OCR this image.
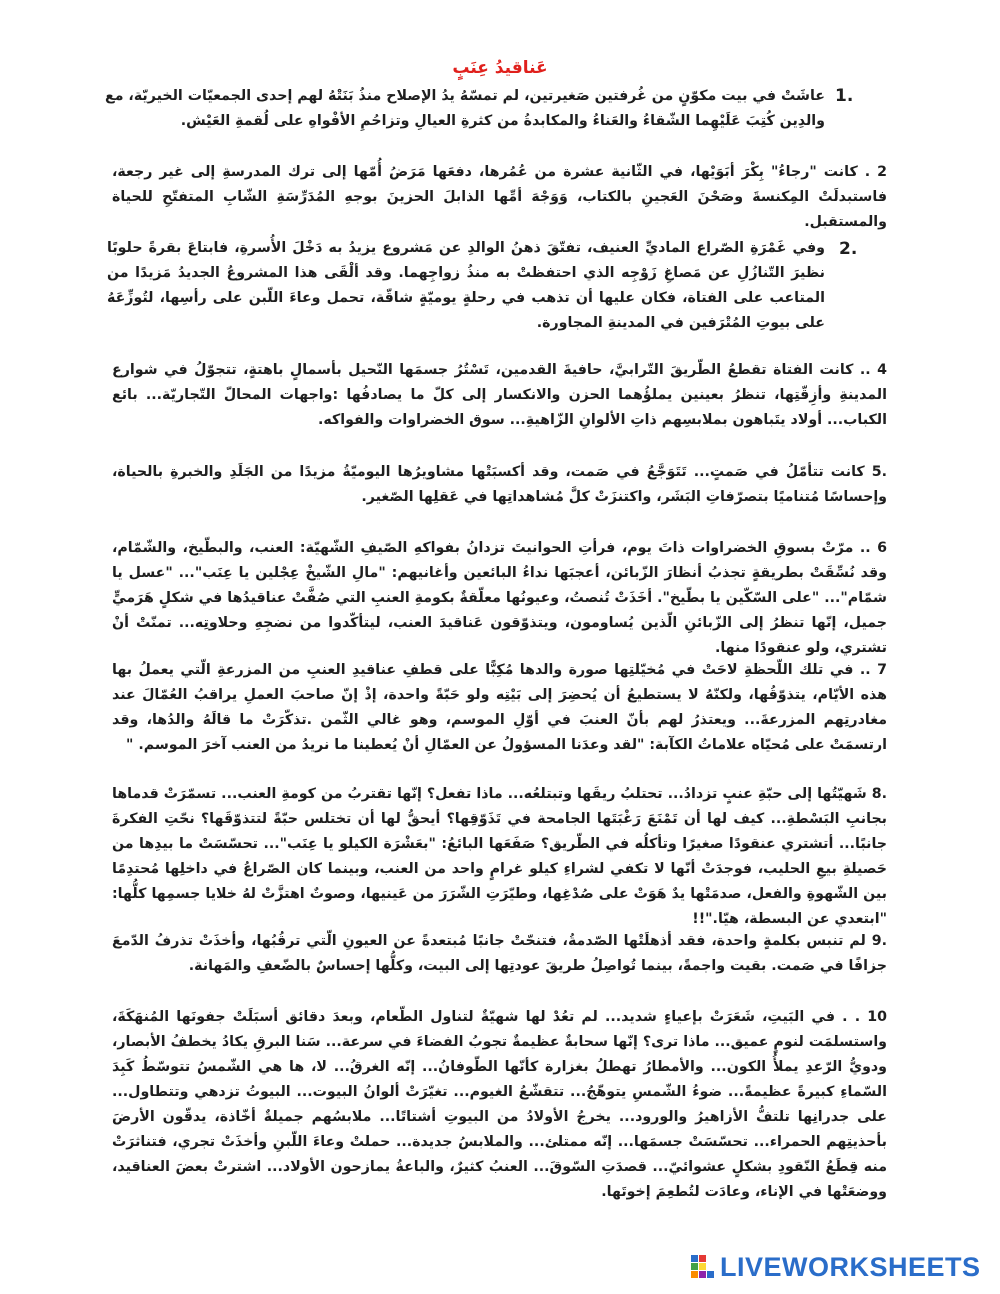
عَناقيدُ عِنَبٍ
1.
عاشَتْ في بيت مكوّنٍ من غُرفتين صَغيرتين، لم تمسّهُ يدُ الإصلاح منذُ بَنَتْهُ لهم إحدى الجمعيّات الخيريّة، مع والدِين كُتِبَ عَلَيْهِما الشّقاءُ والعَناءُ والمكابدةُ من كثرةِ العيالِ وتزاحُمِ الأفْواهِ على لُقمةِ العَيْش.
2 . كانت "رجاءُ" بِكْرَ أبَوَيْها، في الثّانية عشرة من عُمُرها، دفعَها مَرَضُ أُمّها إلى ترك المدرسةِ إلى غير رجعة، فاستبدلَتْ المِكنسةَ وصَحْنَ العَجينِ بالكتاب، وَوَجْهَ أمِّها الذابلَ الحزينَ بوجهِ المُدَرِّسَةِ الشّابِ المتفتّحِ للحياة والمستقبل.
2.
وفي غَمْرَةِ الصّراع الماديِّ العنيف، تفتّقَ ذهنُ الوالدِ عن مَشروع يزيدُ به دَخْلَ الأُسرةِ، فابتاعَ بقرةً حلوبًا نظيرَ التّنازُلِ عن مَصاغِ زَوْجِه الذي احتفظتْ به منذُ زواجِهما. وقد ألْقَى هذا المشروعُ الجديدُ مَزيدًا من المتاعب على الفتاة، فكان عليها أن تذهب في رحلةٍ يوميّةٍ شاقّة، تحمل وعاءَ اللّبن على رأسِها، لتُوزِّعَهُ على بيوتِ المُتْرَفين في المدينةِ المجاورة.
4 .. كانت الفتاة تقطعُ الطّريقَ التّرابيَّ، حافيةَ القدمين، تَسْتُرُ جسمَها النّحيل بأسمالٍ باهتةٍ، تتجوّلُ في شوارع المدينةِ وأزِقّتِها، تنظرُ بعينين يملؤُهما الحزن والانكسار إلى كلّ ما يصادفُها :واجهات المحالّ التّجاريّة... بائع الكباب... أولاد يتَباهون بملابسِهم ذاتِ الألوانِ الزّاهيةِ... سوق الخضراوات والفواكه.
.5 كانت تتأمّلُ في صَمتٍ... تَتَوَجَّعُ في صَمت، وقد أكسبَتْها مشاويرُها اليوميّةُ مزيدًا من الجَلَدِ والخبرةِ بالحياة، وإحساسًا مُتناميًا بتصرّفاتِ البَشَر، واكتنزَتْ كلَّ مُشاهداتِها في عَقلِها الصّغير.
6 .. مرّتْ بسوقِ الخضراوات ذاتَ يوم، فرأتِ الحوانيتَ تزدانُ بفواكهِ الصّيفِ الشّهيّة: العنب، والبطّيخ، والشّمّام، وقد نُسِّقَتْ بطريقةٍ تجذبُ أنظارَ الزّبائن، أعجبَها نداءُ البائعين وأغانيهم: "مالِ الشّيخْ عِجْلين يا عِنَب"... "عسل يا شمّام"... "على السّكّين يا بطّيخ". أخَذَتْ تُنصتُ، وعيونُها معلّقةٌ بكومةِ العنبِ التي صُفَّتْ عناقيدُها في شكلٍ هَرَميٍّ جميل، إنّها تنظرُ إلى الزّبائنِ الّذين يُساومون، ويتذوّقون عَناقيدَ العنب، ليتأكّدوا من نضجِهِ وحلاوتِه... تمنّتْ أنْ تشتري، ولو عنقودًا منها.
7 .. في تلك اللّحظةِ لاحَتْ في مُخيّلتِها صورة والدها مُكِبًّا على قطفِ عناقيدِ العنبِ من المزرعةِ الّتي يعملُ بها هذه الأيّام، يتذوّقُها، ولكنّهُ لا يستطيعُ أن يُحضِرَ إلى بَيْتِه ولو حَبّةً واحدة، إذْ إنّ صاحبَ العملِ يراقبُ العُمّالَ عند مغادرتِهم المزرعةَ... ويعتذرُ لهم بأنّ العنبَ في أوّلِ الموسم، وهو غالي الثّمن .تذكّرَتْ ما قالَهُ والدُها، وقد ارتسمَتْ على مُحيّاه علاماتُ الكآبة: "لقد وعدَنا المسؤولُ عن العمّالِ أنْ يُعطينا ما نريدُ من العنب آخرَ الموسم. "
.8 شَهيّتُها إلى حبّةِ عنبٍ تزدادُ... تحتلبُ ريقَها وتبتلعُه... ماذا تفعل؟ إنّها تقتربُ من كومةِ العنب... تسمّرَتْ قدماها بجانبِ البَسْطةِ... كيف لها أن تَمْنَعَ رَغْبَتَها الجامحة في تَذَوّقِها؟ أيحقُّ لها أن تختلس حبّةً لتتذوّقَها؟ نحّتِ الفكرةَ جانبًا... أتشتري عنقودًا صغيرًا وتأكلُه في الطّريق؟ صَفَعَها البائعُ: "بعَشْرَة الكيلو يا عِنَب"... تحسّسَتْ ما بيدِها من حَصيلةِ بيعِ الحليب، فوجدَتْ أنّها لا تكفي لشراءِ كيلو غرامٍ واحد من العنب، وبينما كان الصّراعُ في داخلِها مُحتدِمًا بين الشّهوةِ والفعل، صدمَتْها يدٌ هَوَتْ على صُدْغِها، وطيّرَتِ الشّرَرَ من عَينيها، وصوتٌ اهتزَّتْ لهُ خلايا جسمِها كلُّها: "ابتعدي عن البسطة، هيّا."!!
.9 لم تنبس بكلمةٍ واحدة، فقد أذهلَتْها الصّدمةُ، فتنحّتْ جانبًا مُبتعدةً عن العيونِ الّتي ترقُبُها، وأخذَتْ تذرفُ الدّمعَ جزافًا في صَمت. بقيت واجمةً، بينما تُواصِلُ طريقَ عودتِها إلى البيت، وكلُّها إحساسٌ بالضّعفِ والمَهانة.
10 . . في البَيتِ، شَعَرَتْ بإعياءٍ شديد... لم تعُدْ لها شهيّةٌ لتناول الطّعام، وبعدَ دقائق أسبَلَتْ جفونَها المُنهَكَةَ، واستسلمَت لنومٍ عميق... ماذا ترى؟ إنّها سحابةٌ عظيمةٌ تجوبُ الفضاءَ في سرعة... سَنا البرقِ يكادُ يخطفُ الأبصار، ودويُّ الرّعدِ يملأُ الكون... والأمطارُ تهطلُ بغزارة كأنّها الطّوفانُ... إنّه الغرقُ... لا، ها هي الشّمسُ تتوسّطُ كَبِدَ السّماءِ كبيرةً عظيمةً... ضوءُ الشّمسِ يتوهّجُ... تتقشّعُ الغيوم... تغيّرَتْ ألوانُ البيوت... البيوتُ تزدهي وتتطاول... على جدرانِها تلتفُّ الأزاهيرُ والورود... يخرجُ الأولادُ من البيوتِ أشتاتًا... ملابسُهم جميلةٌ أخّاذة، يدقّون الأرضَ بأحذيتِهم الحمراء... تحسّسَتْ جسمَها... إنّه ممتلئ... والملابسُ جديدة... حملتْ وعاءَ اللّبنِ وأخذَتْ تجري، فتناثرَتْ منه قِطَعُ النّقودِ بشكلٍ عشوائيّ... قصدَتِ السّوقَ... العنبُ كثيرٌ، والباعةُ يمازحون الأولاد... اشترتْ بعضَ العناقيد، ووضعَتْها في الإناء، وعادَت لتُطعِمَ إخوتَها.
LIVEWORKSHEETS
